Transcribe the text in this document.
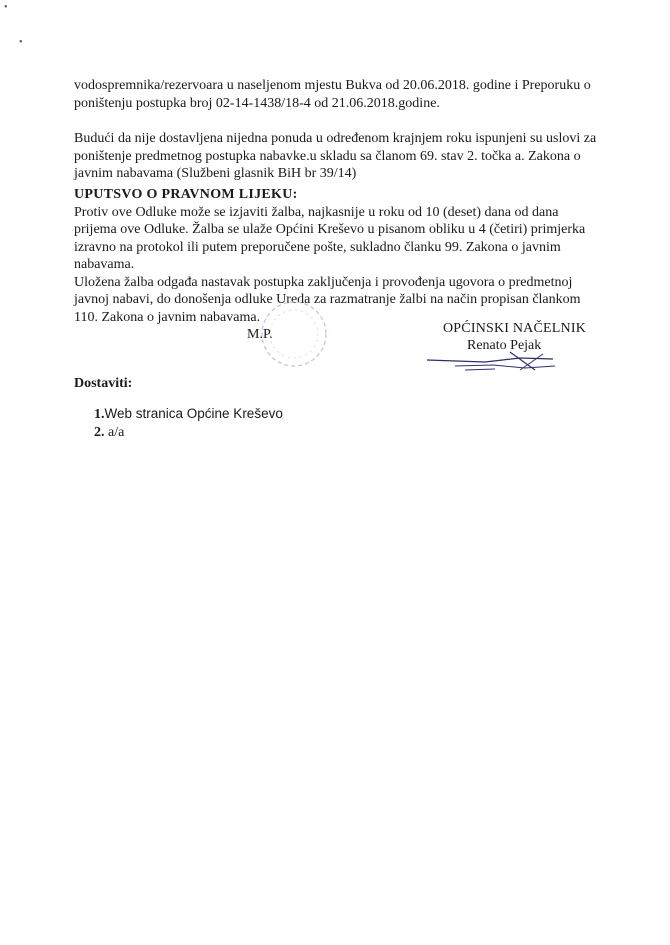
•
•
vodospremnika/rezervoara u naseljenom mjestu Bukva od 20.06.2018. godine i Preporuku o
poništenju postupka broj 02-14-1438/18-4 od 21.06.2018.godine.
Budući da nije dostavljena nijedna ponuda u određenom krajnjem roku ispunjeni su uslovi za
poništenje predmetnog postupka nabavke.u skladu sa članom 69. stav 2. točka a. Zakona o
javnim nabavama (Službeni glasnik BiH br 39/14)
UPUTSVO O PRAVNOM LIJEKU:
Protiv ove Odluke može se izjaviti žalba, najkasnije u roku od 10 (deset) dana od dana
prijema ove Odluke. Žalba se ulaže Općini Kreševo u pisanom obliku u 4 (četiri) primjerka
izravno na protokol ili putem preporučene pošte, sukladno članku 99. Zakona o javnim
nabavama.
Uložena žalba odgađa nastavak postupka zaključenja i provođenja ugovora o predmetnoj
javnoj nabavi, do donošenja odluke Ureda za razmatranje žalbi na način propisan člankom
110. Zakona o javnim nabavama.
M.P.	OPĆINSKI NAČELNIK
Renato Pejak
Dostaviti:
1.Web stranica Općine Kreševo
2. a/a
